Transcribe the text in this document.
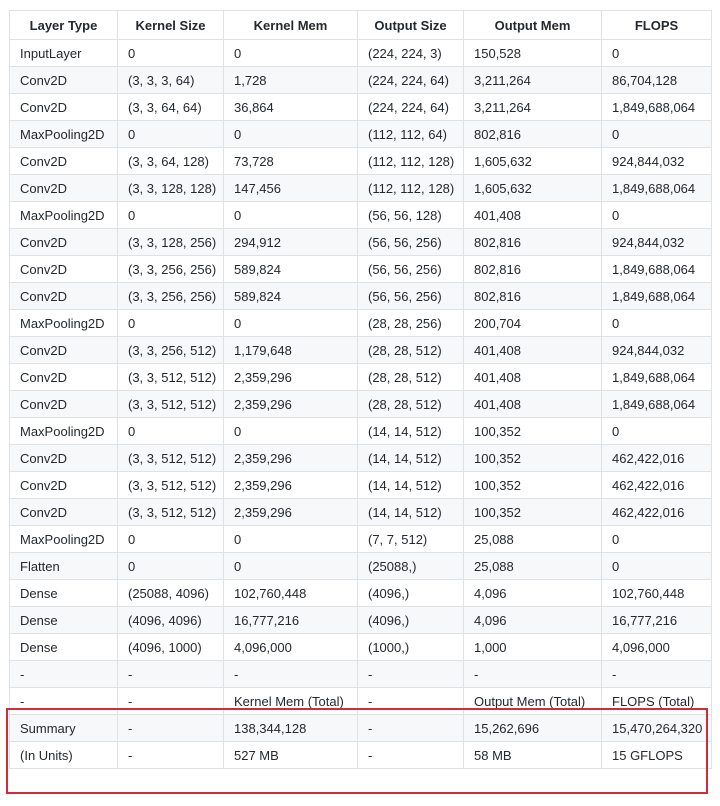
Layer Type	Kernel Size	Kernel Mem	Output Size	Output Mem	FLOPS
InputLayer	0	0	(224, 224, 3)	150,528	0
Conv2D	(3, 3, 3, 64)	1,728	(224, 224, 64)	3,211,264	86,704,128
Conv2D	(3, 3, 64, 64)	36,864	(224, 224, 64)	3,211,264	1,849,688,064
MaxPooling2D	0	0	(112, 112, 64)	802,816	0
Conv2D	(3, 3, 64, 128)	73,728	(112, 112, 128)	1,605,632	924,844,032
Conv2D	(3, 3, 128, 128)	147,456	(112, 112, 128)	1,605,632	1,849,688,064
MaxPooling2D	0	0	(56, 56, 128)	401,408	0
Conv2D	(3, 3, 128, 256)	294,912	(56, 56, 256)	802,816	924,844,032
Conv2D	(3, 3, 256, 256)	589,824	(56, 56, 256)	802,816	1,849,688,064
Conv2D	(3, 3, 256, 256)	589,824	(56, 56, 256)	802,816	1,849,688,064
MaxPooling2D	0	0	(28, 28, 256)	200,704	0
Conv2D	(3, 3, 256, 512)	1,179,648	(28, 28, 512)	401,408	924,844,032
Conv2D	(3, 3, 512, 512)	2,359,296	(28, 28, 512)	401,408	1,849,688,064
Conv2D	(3, 3, 512, 512)	2,359,296	(28, 28, 512)	401,408	1,849,688,064
MaxPooling2D	0	0	(14, 14, 512)	100,352	0
Conv2D	(3, 3, 512, 512)	2,359,296	(14, 14, 512)	100,352	462,422,016
Conv2D	(3, 3, 512, 512)	2,359,296	(14, 14, 512)	100,352	462,422,016
Conv2D	(3, 3, 512, 512)	2,359,296	(14, 14, 512)	100,352	462,422,016
MaxPooling2D	0	0	(7, 7, 512)	25,088	0
Flatten	0	0	(25088,)	25,088	0
Dense	(25088, 4096)	102,760,448	(4096,)	4,096	102,760,448
Dense	(4096, 4096)	16,777,216	(4096,)	4,096	16,777,216
Dense	(4096, 1000)	4,096,000	(1000,)	1,000	4,096,000
-	-	-	-	-	-
-	-	Kernel Mem (Total)	-	Output Mem (Total)	FLOPS (Total)
Summary	-	138,344,128	-	15,262,696	15,470,264,320
(In Units)	-	527 MB	-	58 MB	15 GFLOPS
